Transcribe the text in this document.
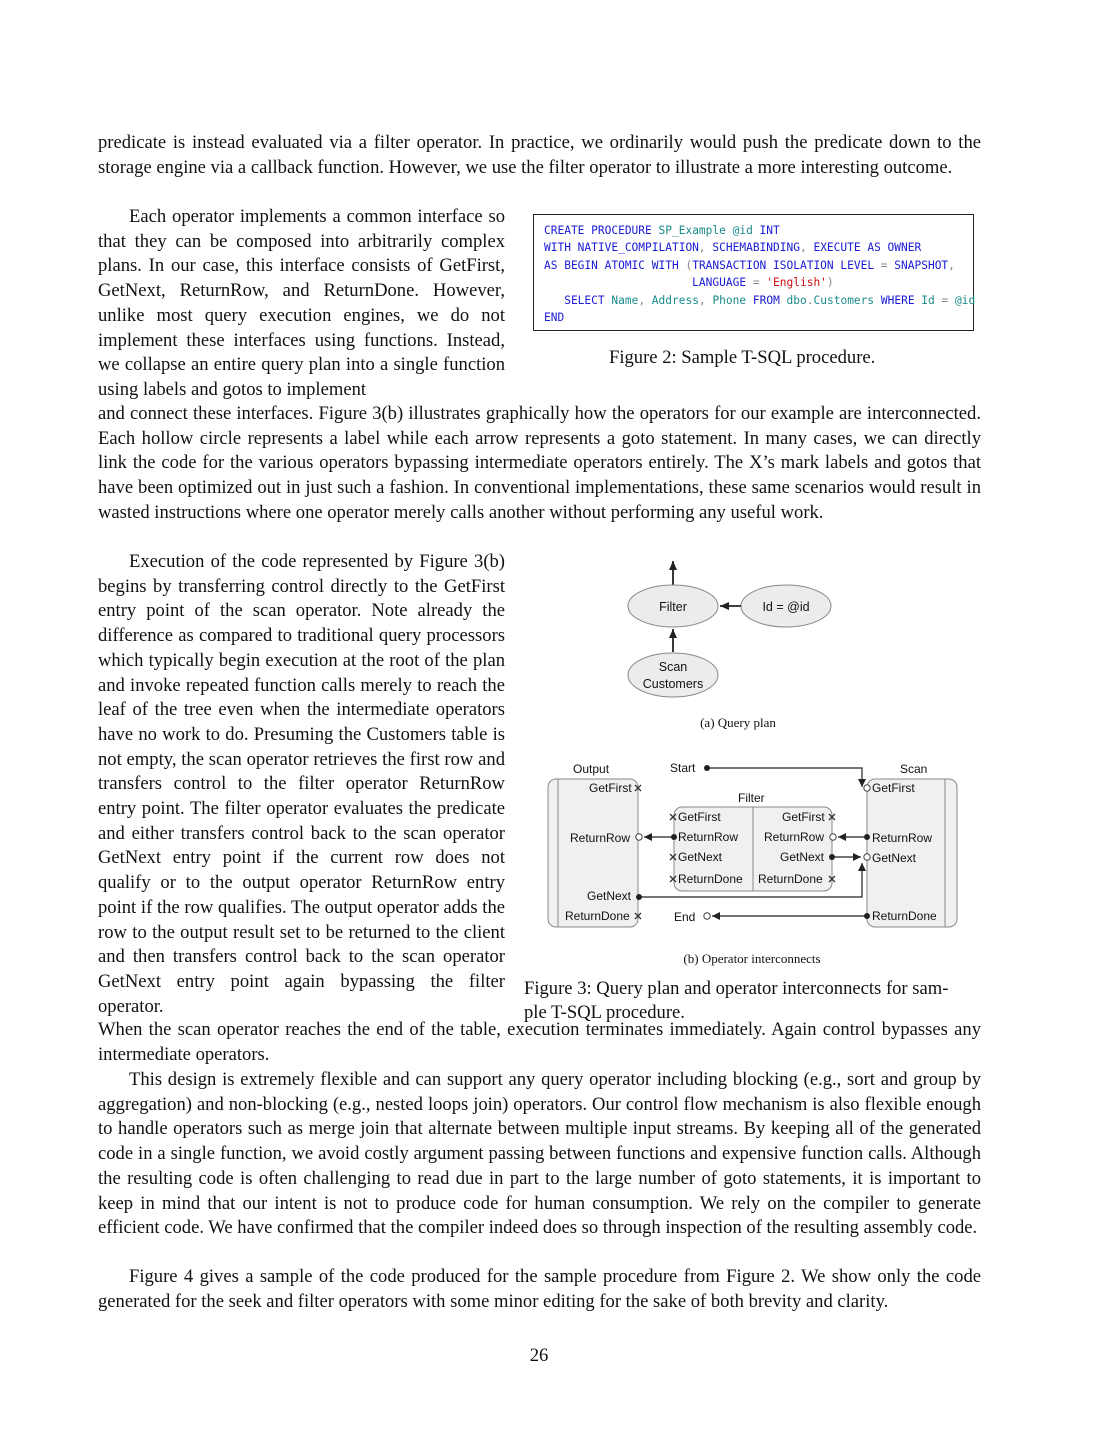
predicate is instead evaluated via a filter operator. In practice, we ordinarily would push the predicate down to the storage engine via a callback function. However, we use the filter operator to illustrate a more interesting outcome.

Each operator implements a common interface so that they can be composed into arbitrarily complex plans. In our case, this interface consists of GetFirst, GetNext, ReturnRow, and ReturnDone. However, unlike most query execution engines, we do not implement these interfaces using functions. Instead, we collapse an entire query plan into a single function using labels and gotos to implement

CREATE PROCEDURE SP_Example @id INT
WITH NATIVE_COMPILATION, SCHEMABINDING, EXECUTE AS OWNER
AS BEGIN ATOMIC WITH (TRANSACTION ISOLATION LEVEL = SNAPSHOT,
LANGUAGE = 'English')
SELECT Name, Address, Phone FROM dbo.Customers WHERE Id = @id
END
Figure 2: Sample T-SQL procedure.

and connect these interfaces. Figure 3(b) illustrates graphically how the operators for our example are interconnected. Each hollow circle represents a label while each arrow represents a goto statement. In many cases, we can directly link the code for the various operators bypassing intermediate operators entirely. The X’s mark labels and gotos that have been optimized out in just such a fashion. In conventional implementations, these same scenarios would result in wasted instructions where one operator merely calls another without performing any useful work.

Execution of the code represented by Figure 3(b) begins by transferring control directly to the GetFirst entry point of the scan operator. Note already the difference as compared to traditional query processors which typically begin execution at the root of the plan and invoke repeated function calls merely to reach the leaf of the tree even when the intermediate operators have no work to do. Presuming the Customers table is not empty, the scan operator retrieves the first row and transfers control to the filter operator ReturnRow entry point. The filter operator evaluates the predicate and either transfers control back to the scan operator GetNext entry point if the current row does not qualify or to the output operator ReturnRow entry point if the row qualifies. The output operator adds the row to the output result set to be returned to the client and then transfers control back to the scan operator GetNext entry point again bypassing the filter operator.

Filter	Id = @id
Scan
Customers
(a) Query plan
Output	Start	Scan
Filter
GetFirst
ReturnRow
GetNext
ReturnDone
GetFirst
ReturnRow
GetNext
ReturnDone
GetFirst
ReturnRow
GetNext
ReturnDone
GetFirst
ReturnRow
GetNext
ReturnDone
End
(b) Operator interconnects
Figure 3: Query plan and operator interconnects for sam-
ple T-SQL procedure.

When the scan operator reaches the end of the table, execution terminates immediately. Again control bypasses any intermediate operators.

This design is extremely flexible and can support any query operator including blocking (e.g., sort and group by aggregation) and non-blocking (e.g., nested loops join) operators. Our control flow mechanism is also flexible enough to handle operators such as merge join that alternate between multiple input streams. By keeping all of the generated code in a single function, we avoid costly argument passing between functions and expensive function calls. Although the resulting code is often challenging to read due in part to the large number of goto statements, it is important to keep in mind that our intent is not to produce code for human consumption. We rely on the compiler to generate efficient code. We have confirmed that the compiler indeed does so through inspection of the resulting assembly code.

Figure 4 gives a sample of the code produced for the sample procedure from Figure 2. We show only the code generated for the seek and filter operators with some minor editing for the sake of both brevity and clarity.

26
